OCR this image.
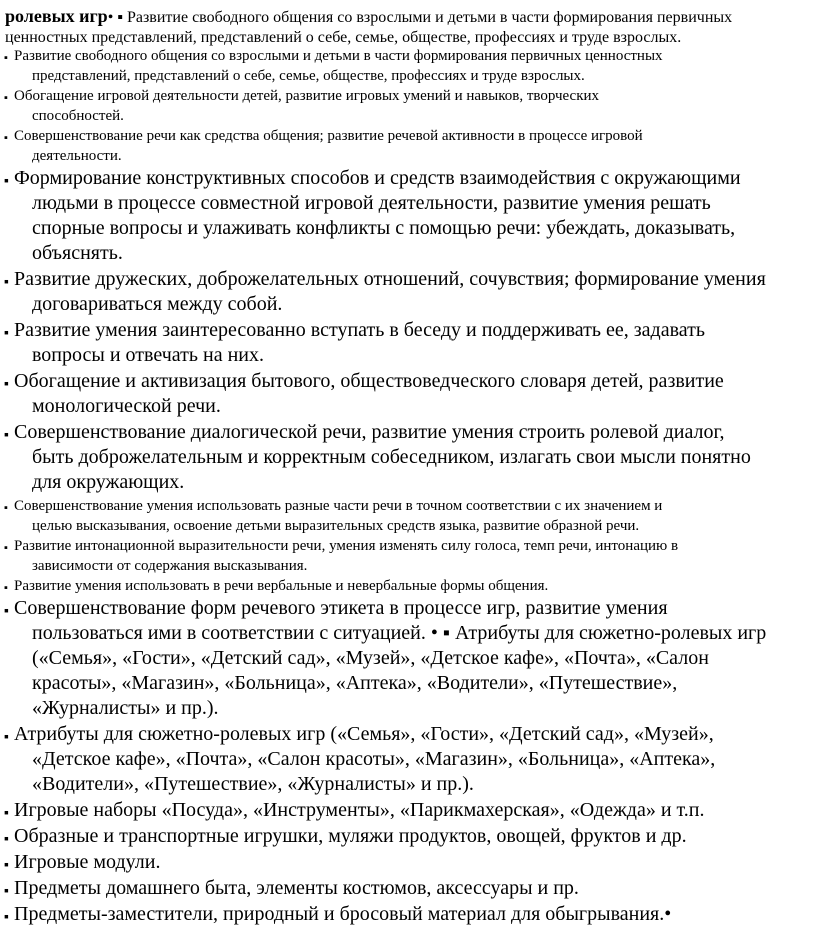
ролевых игр• ▪ Развитие свободного общения со взрослыми и детьми в части формирования первичных ценностных представлений, представлений о себе, семье, обществе, профессиях и труде взрослых.
▪ Развитие свободного общения со взрослыми и детьми в части формирования первичных ценностных
представлений, представлений о себе, семье, обществе, профессиях и труде взрослых.
▪ Обогащение игровой деятельности детей, развитие игровых умений и навыков, творческих
способностей.
▪ Совершенствование речи как средства общения; развитие речевой активности в процессе игровой
деятельности.
▪ Формирование конструктивных способов и средств взаимодействия с окружающими
людьми в процессе совместной игровой деятельности, развитие умения решать
спорные вопросы и улаживать конфликты с помощью речи: убеждать, доказывать,
объяснять.
▪ Развитие дружеских, доброжелательных отношений, сочувствия; формирование умения
договариваться между собой.
▪ Развитие умения заинтересованно вступать в беседу и поддерживать ее, задавать
вопросы и отвечать на них.
▪ Обогащение и активизация бытового, обществоведческого словаря детей, развитие
монологической речи.
▪ Совершенствование диалогической речи, развитие умения строить ролевой диалог,
быть доброжелательным и корректным собеседником, излагать свои мысли понятно
для окружающих.
▪ Совершенствование умения использовать разные части речи в точном соответствии с их значением и
целью высказывания, освоение детьми выразительных средств языка, развитие образной речи.
▪ Развитие интонационной выразительности речи, умения изменять силу голоса, темп речи, интонацию в
зависимости от содержания высказывания.
▪ Развитие умения использовать в речи вербальные и невербальные формы общения.
▪ Совершенствование форм речевого этикета в процессе игр, развитие умения
пользоваться ими в соответствии с ситуацией. • ▪ Атрибуты для сюжетно-ролевых игр
(«Семья», «Гости», «Детский сад», «Музей», «Детское кафе», «Почта», «Салон
красоты», «Магазин», «Больница», «Аптека», «Водители», «Путешествие»,
«Журналисты» и пр.).
▪ Атрибуты для сюжетно-ролевых игр («Семья», «Гости», «Детский сад», «Музей»,
«Детское кафе», «Почта», «Салон красоты», «Магазин», «Больница», «Аптека»,
«Водители», «Путешествие», «Журналисты» и пр.).
▪ Игровые наборы «Посуда», «Инструменты», «Парикмахерская», «Одежда» и т.п.
▪ Образные и транспортные игрушки, муляжи продуктов, овощей, фруктов и др.
▪ Игровые модули.
▪ Предметы домашнего быта, элементы костюмов, аксессуары и пр.
▪ Предметы-заместители, природный и бросовый материал для обыгрывания.•
